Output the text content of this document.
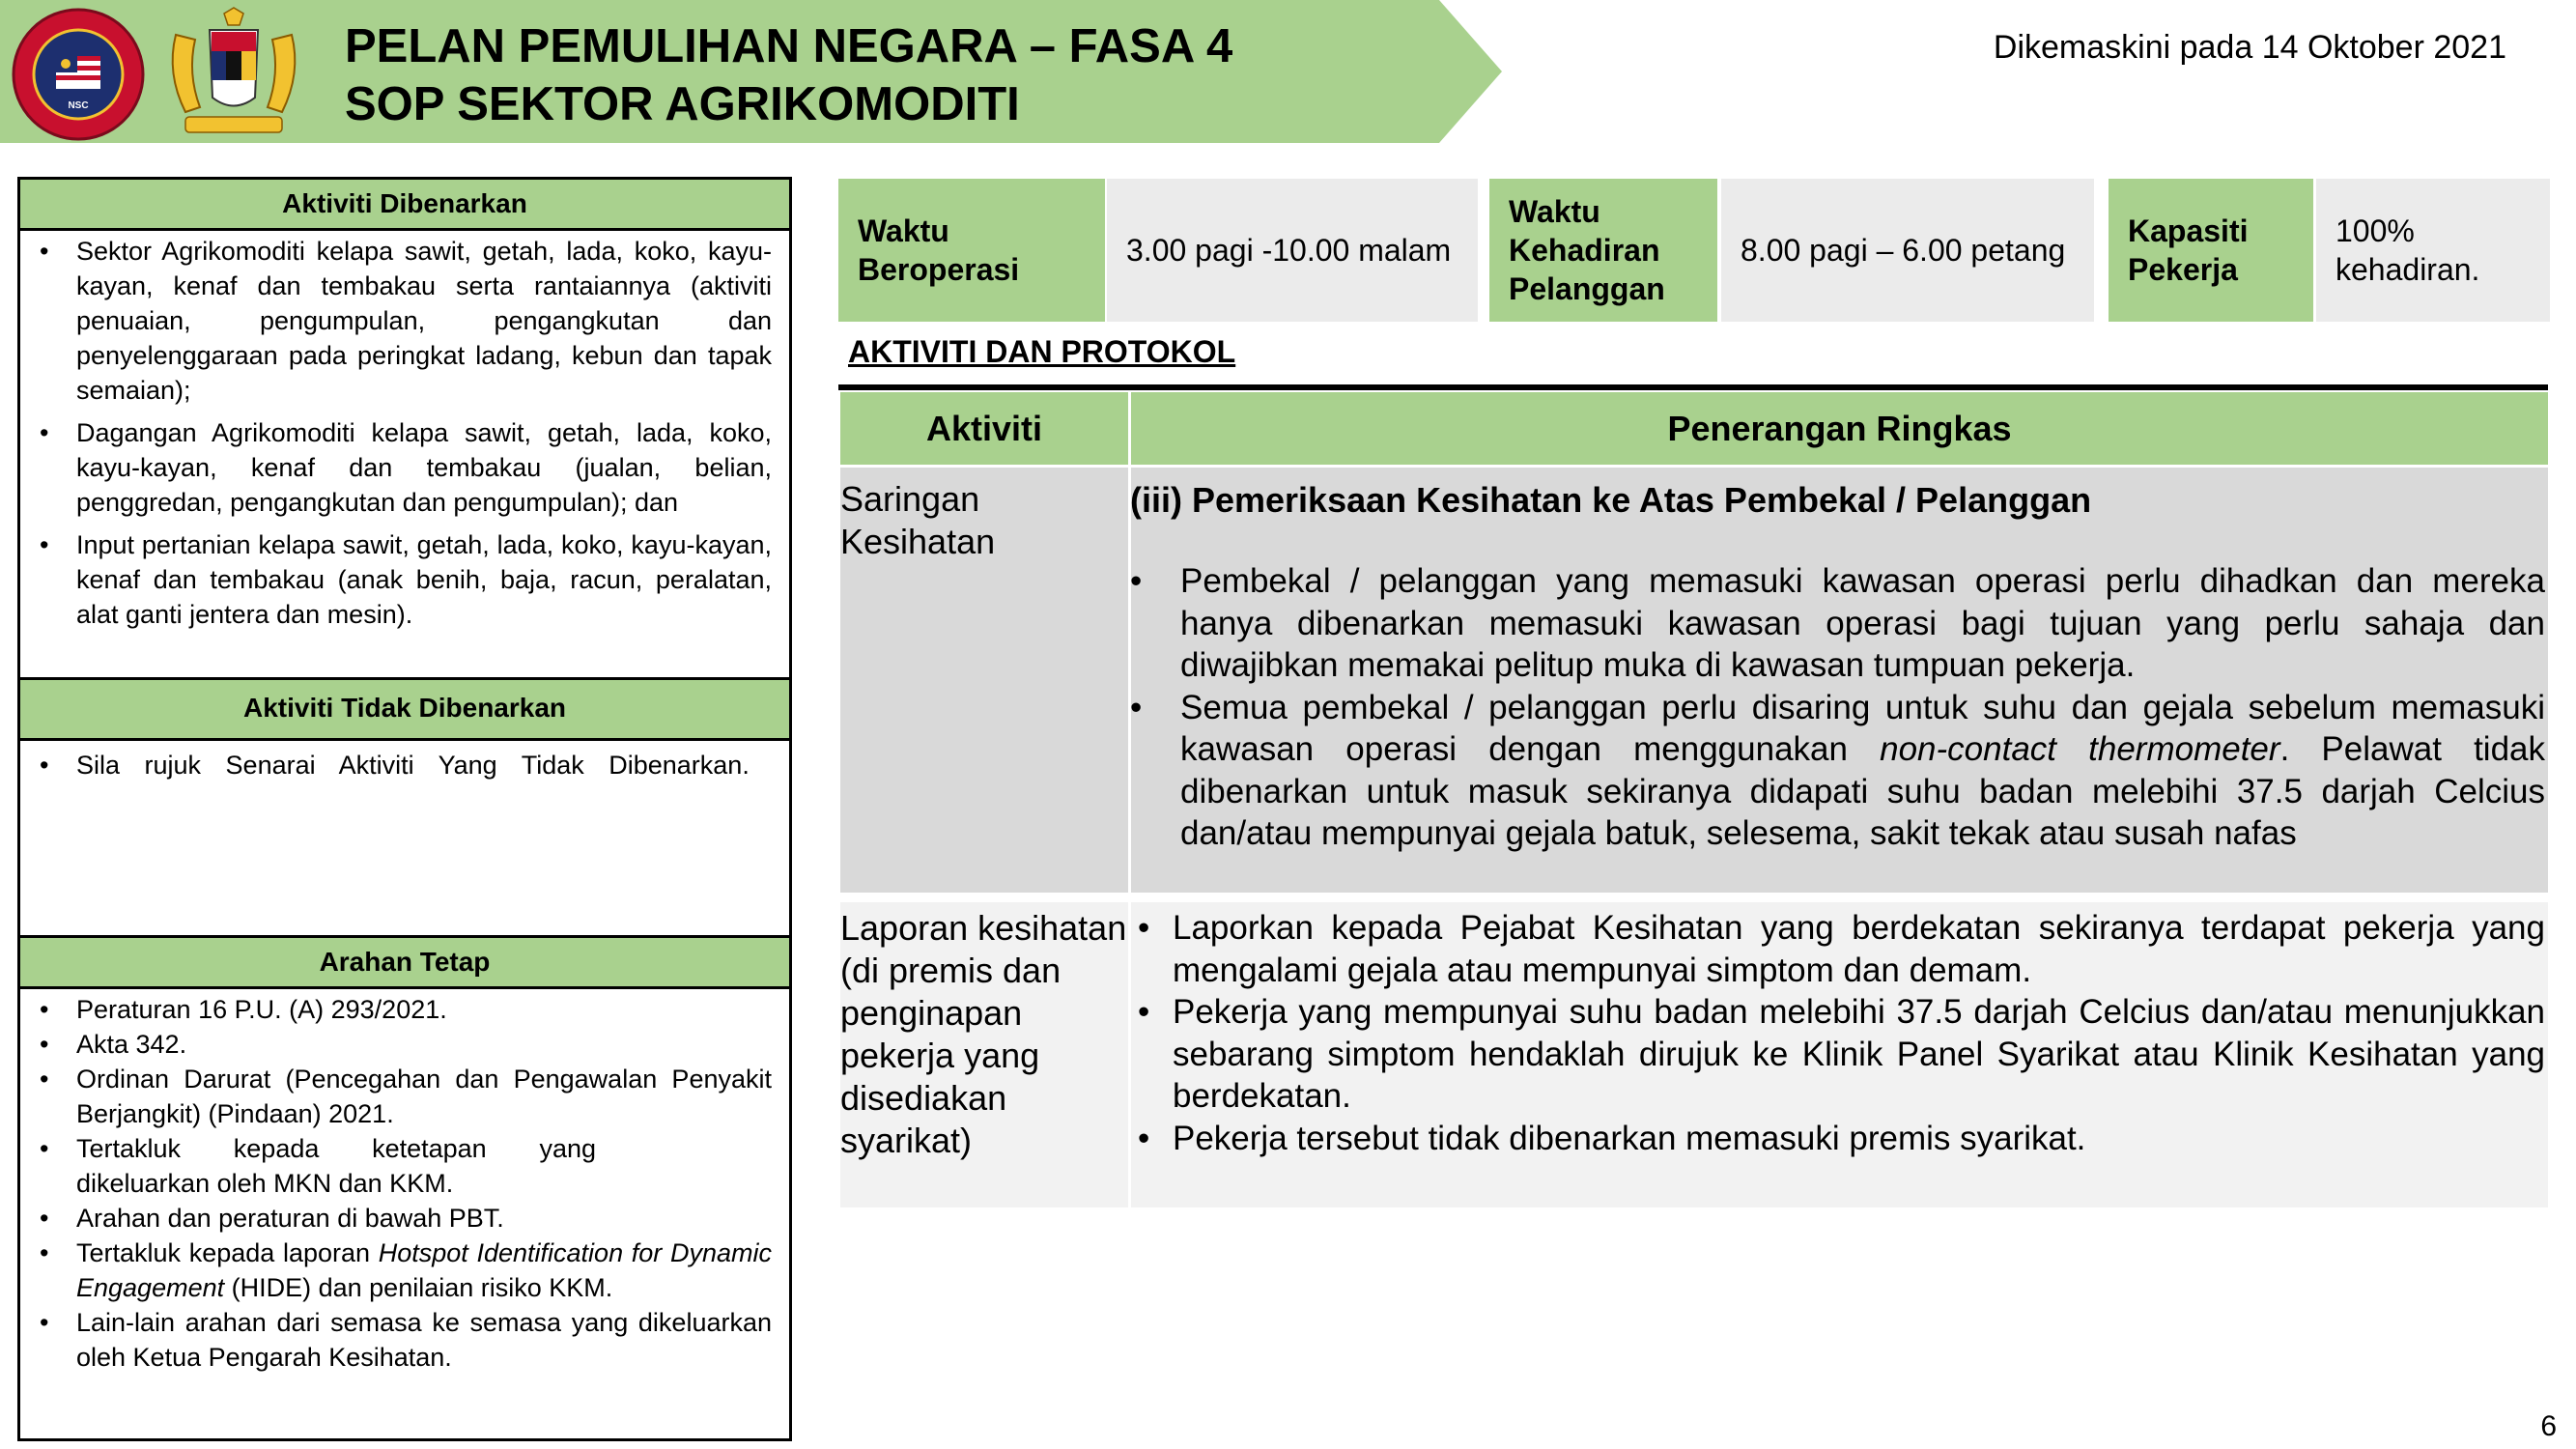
NSC
PELAN PEMULIHAN NEGARA – FASA 4
SOP SEKTOR AGRIKOMODITI
Dikemaskini pada 14 Oktober 2021
Aktiviti Dibenarkan
• Sektor Agrikomoditi kelapa sawit, getah, lada, koko, kayu-kayan, kenaf dan tembakau serta rantaiannya (aktiviti penuaian, pengumpulan, pengangkutan dan penyelenggaraan pada peringkat ladang, kebun dan tapak semaian);
• Dagangan Agrikomoditi kelapa sawit, getah, lada, koko, kayu-kayan, kenaf dan tembakau (jualan, belian, penggredan, pengangkutan dan pengumpulan); dan
• Input pertanian kelapa sawit, getah, lada, koko, kayu-kayan, kenaf dan tembakau (anak benih, baja, racun, peralatan, alat ganti jentera dan mesin).
Aktiviti Tidak Dibenarkan
• Sila rujuk Senarai Aktiviti Yang Tidak Dibenarkan.
Arahan Tetap
• Peraturan 16 P.U. (A) 293/2021.
• Akta 342.
• Ordinan Darurat (Pencegahan dan Pengawalan Penyakit Berjangkit) (Pindaan) 2021.
• Tertakluk kepada ketetapan yang dikeluarkan oleh MKN dan KKM.
• Arahan dan peraturan di bawah PBT.
• Tertakluk kepada laporan Hotspot Identification for Dynamic Engagement (HIDE) dan penilaian risiko KKM.
• Lain-lain arahan dari semasa ke semasa yang dikeluarkan oleh Ketua Pengarah Kesihatan.
Waktu Beroperasi
3.00 pagi -10.00 malam
Waktu Kehadiran Pelanggan
8.00 pagi – 6.00 petang
Kapasiti Pekerja
100% kehadiran.
AKTIVITI DAN PROTOKOL
Aktiviti	Penerangan Ringkas
Saringan Kesihatan
(iii) Pemeriksaan Kesihatan ke Atas Pembekal / Pelanggan
• Pembekal / pelanggan yang memasuki kawasan operasi perlu dihadkan dan mereka hanya dibenarkan memasuki kawasan operasi bagi tujuan yang perlu sahaja dan diwajibkan memakai pelitup muka di kawasan tumpuan pekerja.
• Semua pembekal / pelanggan perlu disaring untuk suhu dan gejala sebelum memasuki kawasan operasi dengan menggunakan non-contact thermometer. Pelawat tidak dibenarkan untuk masuk sekiranya didapati suhu badan melebihi 37.5 darjah Celcius dan/atau mempunyai gejala batuk, selesema, sakit tekak atau susah nafas
Laporan kesihatan (di premis dan penginapan pekerja yang disediakan syarikat)
• Laporkan kepada Pejabat Kesihatan yang berdekatan sekiranya terdapat pekerja yang mengalami gejala atau mempunyai simptom dan demam.
• Pekerja yang mempunyai suhu badan melebihi 37.5 darjah Celcius dan/atau menunjukkan sebarang simptom hendaklah dirujuk ke Klinik Panel Syarikat atau Klinik Kesihatan yang berdekatan.
• Pekerja tersebut tidak dibenarkan memasuki premis syarikat.
6
